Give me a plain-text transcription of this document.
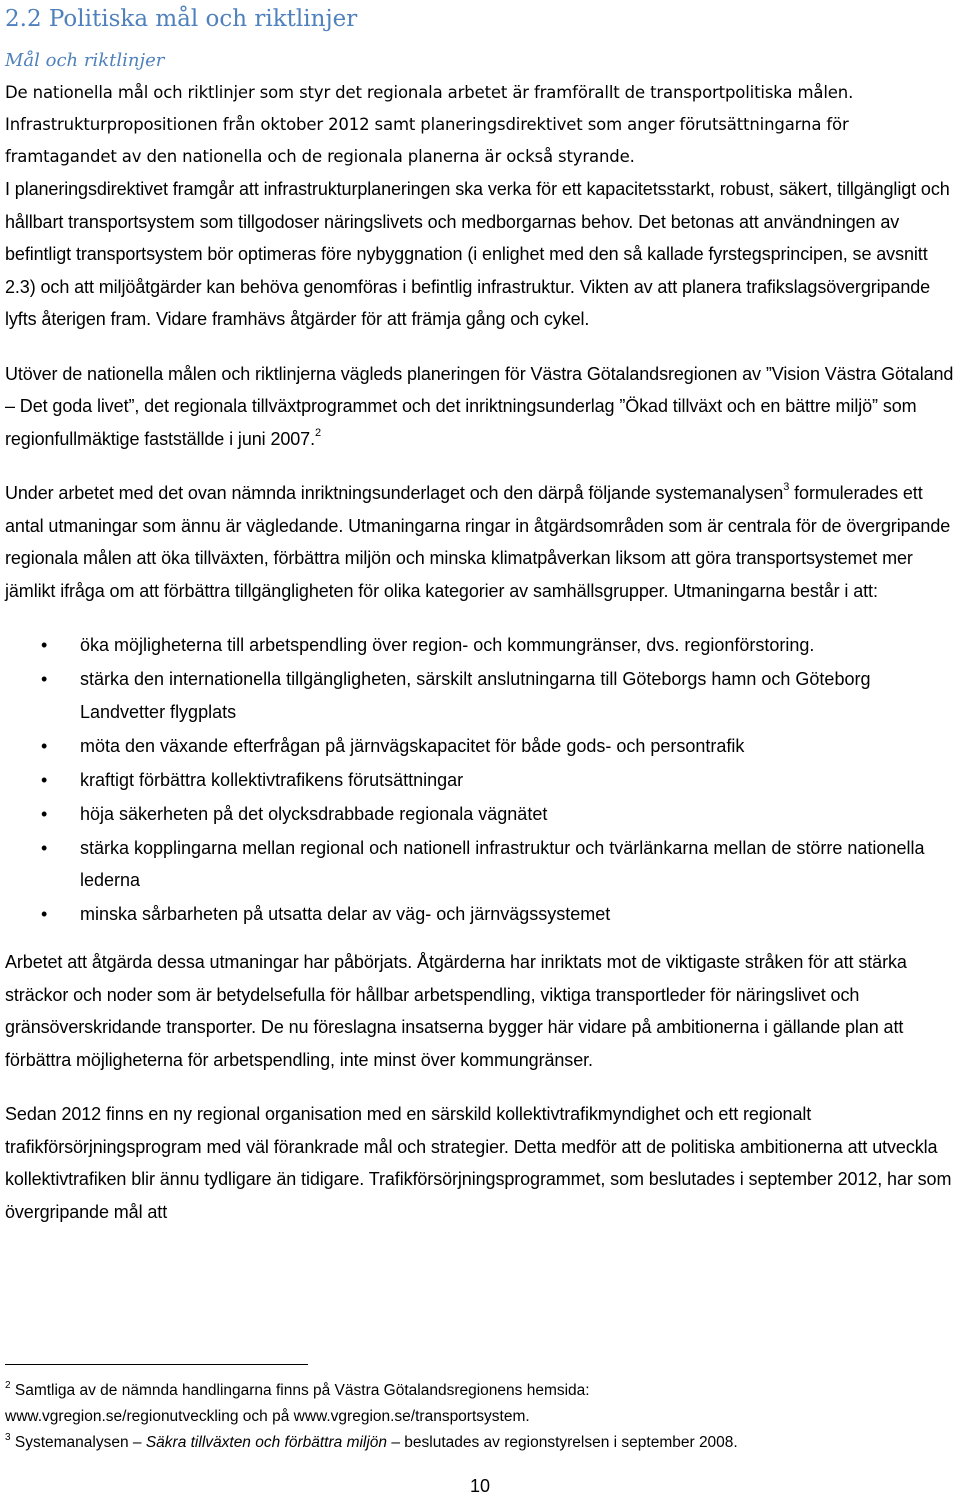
2.2 Politiska mål och riktlinjer
Mål och riktlinjer

De nationella mål och riktlinjer som styr det regionala arbetet är framförallt de transportpolitiska målen. Infrastrukturpropositionen från oktober 2012 samt planeringsdirektivet som anger förutsättningarna för framtagandet av den nationella och de regionala planerna är också styrande.

I planeringsdirektivet framgår att infrastrukturplaneringen ska verka för ett kapacitetsstarkt, robust, säkert, tillgängligt och hållbart transportsystem som tillgodoser näringslivets och medborgarnas behov. Det betonas att användningen av befintligt transportsystem bör optimeras före nybyggnation (i enlighet med den så kallade fyrstegsprincipen, se avsnitt 2.3) och att miljöåtgärder kan behöva genomföras i befintlig infrastruktur. Vikten av att planera trafikslagsövergripande lyfts återigen fram. Vidare framhävs åtgärder för att främja gång och cykel.

Utöver de nationella målen och riktlinjerna vägleds planeringen för Västra Götalandsregionen av ”Vision Västra Götaland – Det goda livet”, det regionala tillväxtprogrammet och det inriktningsunderlag ”Ökad tillväxt och en bättre miljö” som regionfullmäktige fastställde i juni 2007.$^2$

Under arbetet med det ovan nämnda inriktningsunderlaget och den därpå följande systemanalysen$^3$ formulerades ett antal utmaningar som ännu är vägledande. Utmaningarna ringar in åtgärdsområden som är centrala för de övergripande regionala målen att öka tillväxten, förbättra miljön och minska klimatpåverkan liksom att göra transportsystemet mer jämlikt ifråga om att förbättra tillgängligheten för olika kategorier av samhällsgrupper. Utmaningarna består i att:

• öka möjligheterna till arbetspendling över region- och kommungränser, dvs. regionförstoring.
• stärka den internationella tillgängligheten, särskilt anslutningarna till Göteborgs hamn och Göteborg Landvetter flygplats
• möta den växande efterfrågan på järnvägskapacitet för både gods- och persontrafik
• kraftigt förbättra kollektivtrafikens förutsättningar
• höja säkerheten på det olycksdrabbade regionala vägnätet
• stärka kopplingarna mellan regional och nationell infrastruktur och tvärlänkarna mellan de större nationella lederna
• minska sårbarheten på utsatta delar av väg- och järnvägssystemet

Arbetet att åtgärda dessa utmaningar har påbörjats. Åtgärderna har inriktats mot de viktigaste stråken för att stärka sträckor och noder som är betydelsefulla för hållbar arbetspendling, viktiga transportleder för näringslivet och gränsöverskridande transporter. De nu föreslagna insatserna bygger här vidare på ambitionerna i gällande plan att förbättra möjligheterna för arbetspendling, inte minst över kommungränser.

Sedan 2012 finns en ny regional organisation med en särskild kollektivtrafikmyndighet och ett regionalt trafikförsörjningsprogram med väl förankrade mål och strategier. Detta medför att de politiska ambitionerna att utveckla kollektivtrafiken blir ännu tydligare än tidigare. Trafikförsörjningsprogrammet, som beslutades i september 2012, har som övergripande mål att

$^2$ Samtliga av de nämnda handlingarna finns på Västra Götalandsregionens hemsida:

www.vgregion.se/regionutveckling och på www.vgregion.se/transportsystem.

$^3$ Systemanalysen – Säkra tillväxten och förbättra miljön – beslutades av regionstyrelsen i september 2008.

10
